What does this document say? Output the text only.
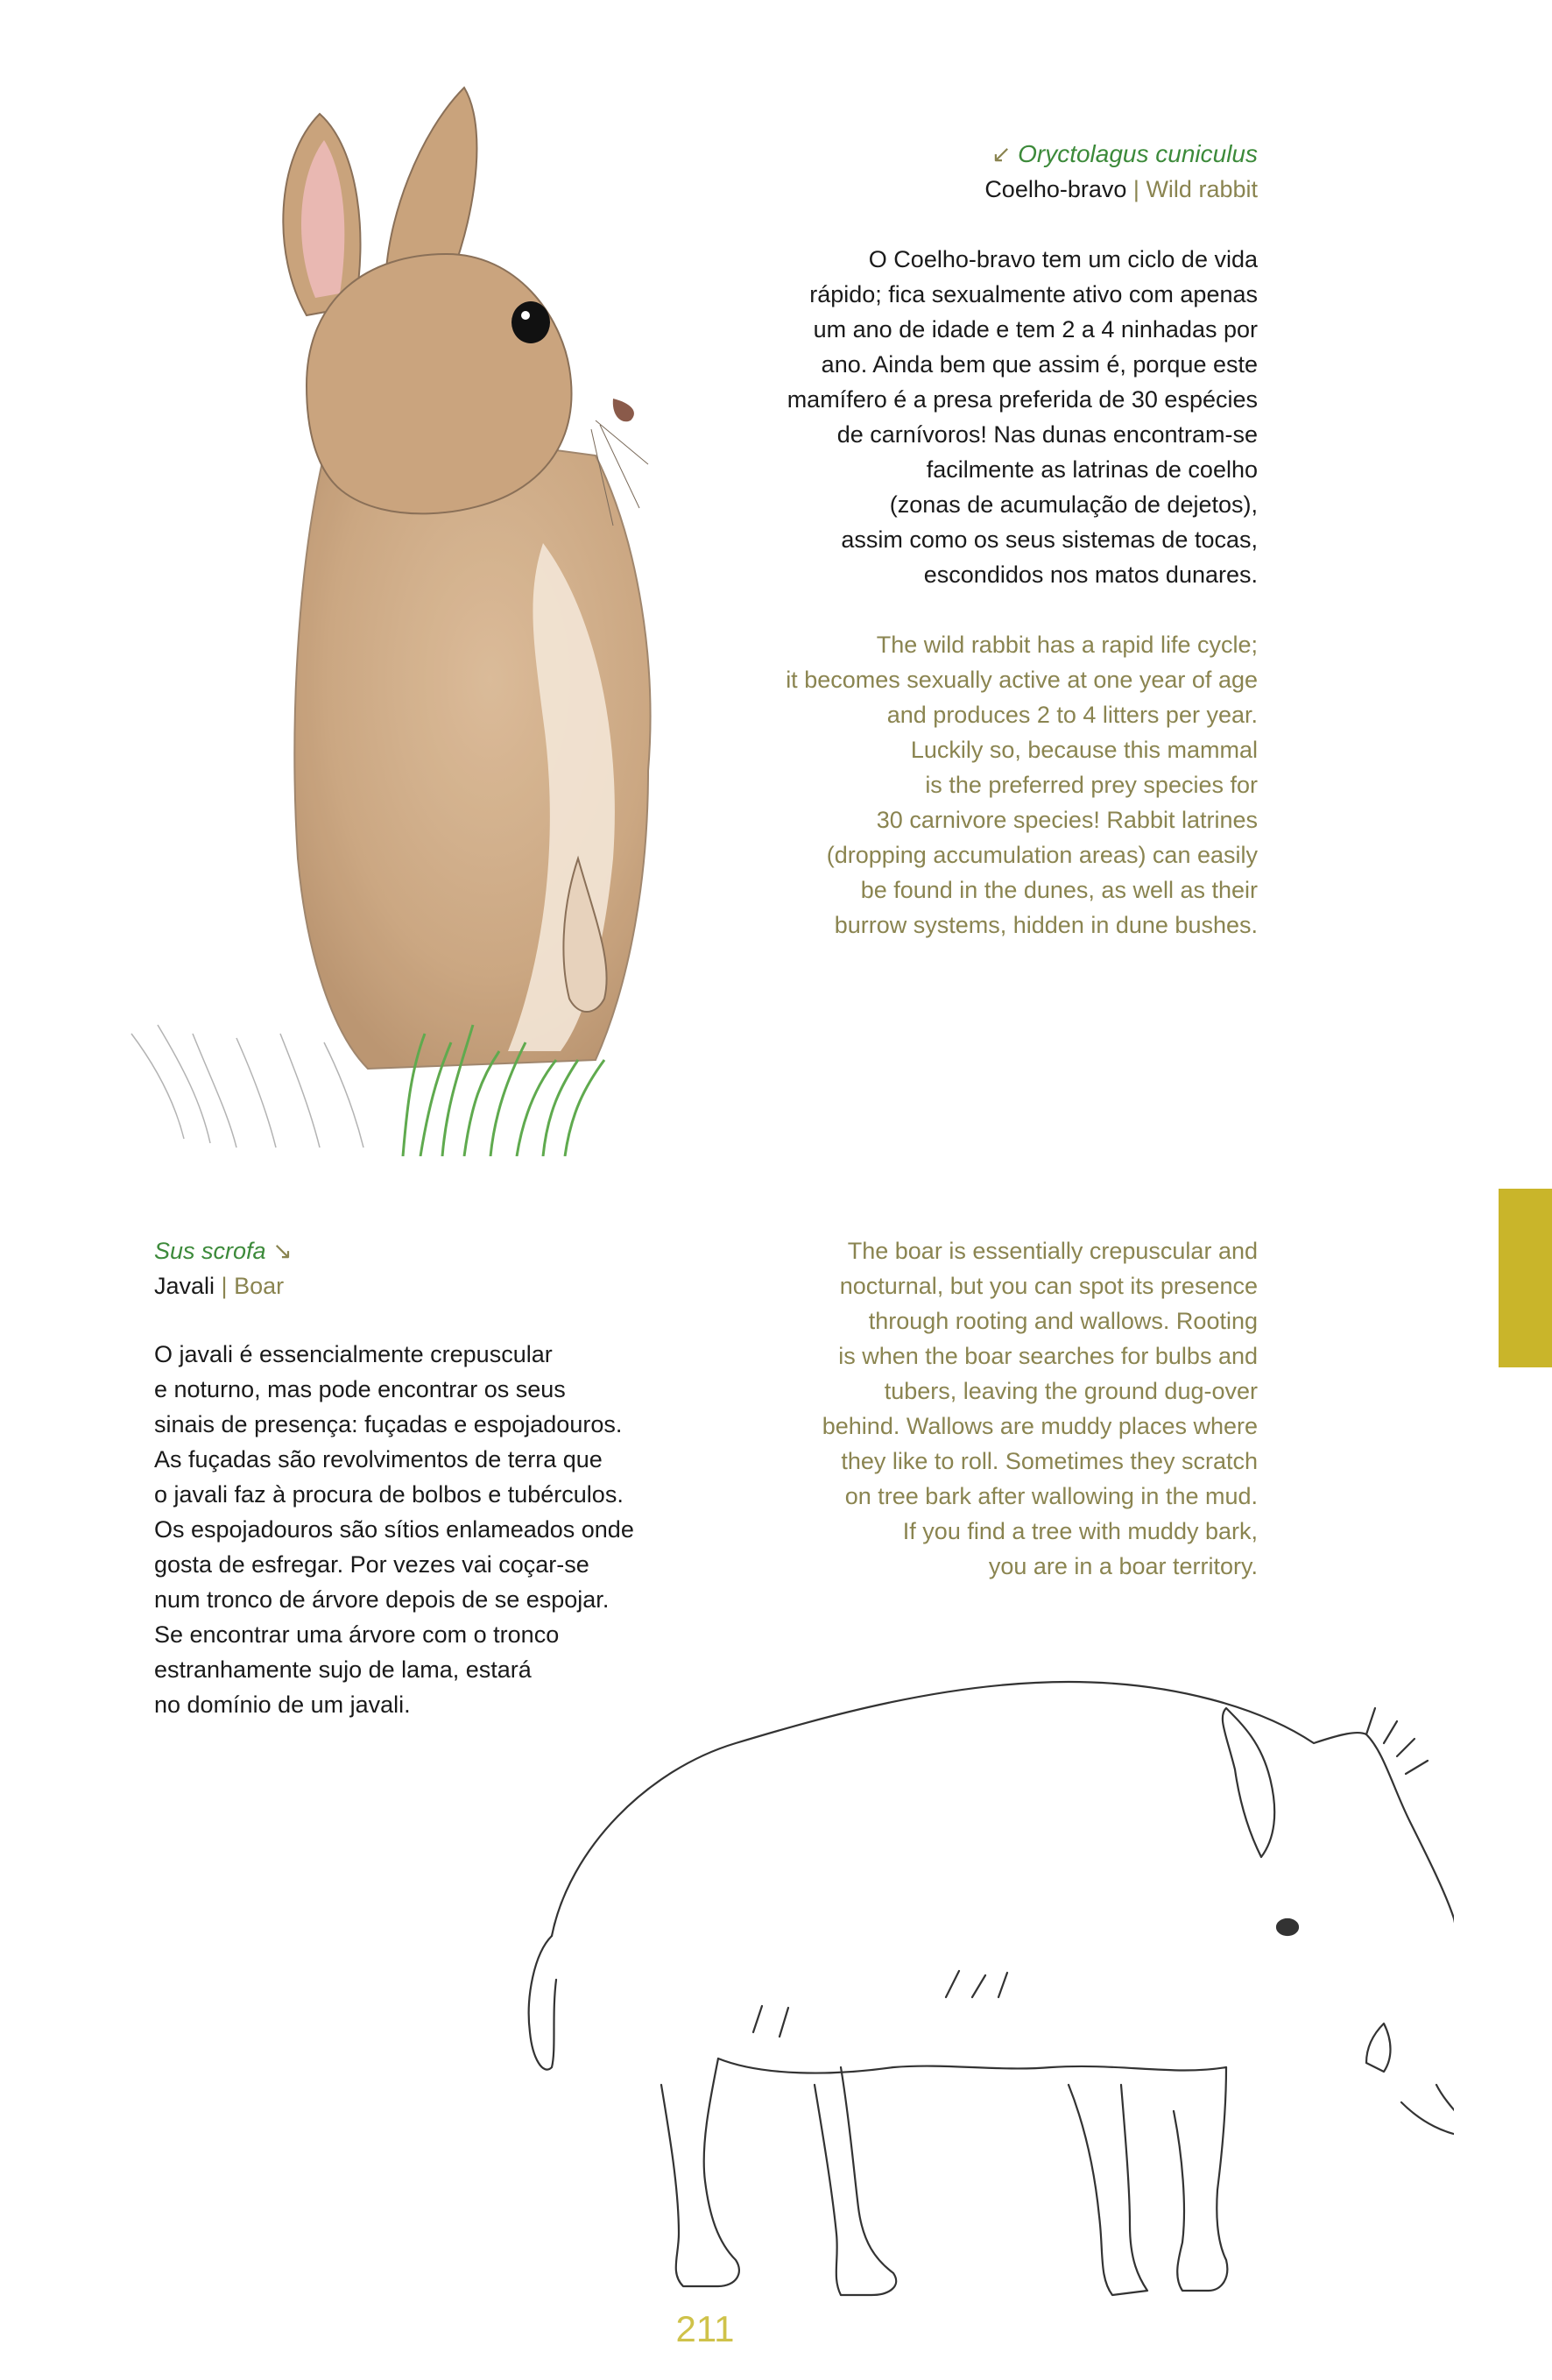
↙ Oryctolagus cuniculus

Coelho-bravo | Wild rabbit

O Coelho-bravo tem um ciclo de vida

rápido; fica sexualmente ativo com apenas

um ano de idade e tem 2 a 4 ninhadas por

ano. Ainda bem que assim é, porque este

mamífero é a presa preferida de 30 espécies

de carnívoros! Nas dunas encontram-se

facilmente as latrinas de coelho

(zonas de acumulação de dejetos),

assim como os seus sistemas de tocas,

escondidos nos matos dunares.

The wild rabbit has a rapid life cycle;

it becomes sexually active at one year of age

and produces 2 to 4 litters per year.

Luckily so, because this mammal

is the preferred prey species for

30 carnivore species! Rabbit latrines

(dropping accumulation areas) can easily

be found in the dunes, as well as their

burrow systems, hidden in dune bushes.

Sus scrofa ↘

Javali | Boar

O javali é essencialmente crepuscular

e noturno, mas pode encontrar os seus

sinais de presença: fuçadas e espojadouros.

As fuçadas são revolvimentos de terra que

o javali faz à procura de bolbos e tubérculos.

Os espojadouros são sítios enlameados onde

gosta de esfregar. Por vezes vai coçar-se

num tronco de árvore depois de se espojar.

Se encontrar uma árvore com o tronco

estranhamente sujo de lama, estará

no domínio de um javali.

The boar is essentially crepuscular and

nocturnal, but you can spot its presence

through rooting and wallows. Rooting

is when the boar searches for bulbs and

tubers, leaving the ground dug-over

behind. Wallows are muddy places where

they like to roll. Sometimes they scratch

on tree bark after wallowing in the mud.

If you find a tree with muddy bark,

you are in a boar territory.

211
